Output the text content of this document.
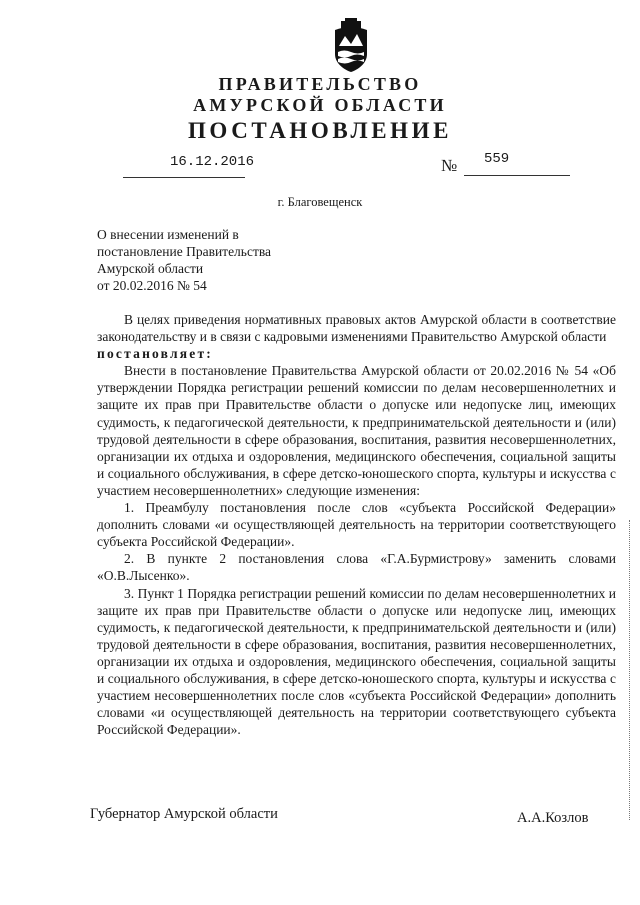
ПРАВИТЕЛЬСТВО
АМУРСКОЙ ОБЛАСТИ
ПОСТАНОВЛЕНИЕ
16.12.2016	№ 559
г. Благовещенск
О внесении изменений в
постановление Правительства
Амурской области
от 20.02.2016 № 54

В целях приведения нормативных правовых актов Амурской области в соответствие законодательству и в связи с кадровыми изменениями Правительство Амурской области

постановляет:

Внести в постановление Правительства Амурской области от 20.02.2016 № 54 «Об утверждении Порядка регистрации решений комиссии по делам несовершеннолетних и защите их прав при Правительстве области о допуске или недопуске лиц, имеющих судимость, к педагогической деятельности, к предпринимательской деятельности и (или) трудовой деятельности в сфере образования, воспитания, развития несовершеннолетних, организации их отдыха и оздоровления, медицинского обеспечения, социальной защиты и социального обслуживания, в сфере детско-юношеского спорта, культуры и искусства с участием несовершеннолетних» следующие изменения:

1. Преамбулу постановления после слов «субъекта Российской Федерации» дополнить словами «и осуществляющей деятельность на территории соответствующего субъекта Российской Федерации».

2. В пункте 2 постановления слова «Г.А.Бурмистрову» заменить словами «О.В.Лысенко».

3. Пункт 1 Порядка регистрации решений комиссии по делам несовершеннолетних и защите их прав при Правительстве области о допуске или недопуске лиц, имеющих судимость, к педагогической деятельности, к предпринимательской деятельности и (или) трудовой деятельности в сфере образования, воспитания, развития несовершеннолетних, организации их отдыха и оздоровления, медицинского обеспечения, социальной защиты и социального обслуживания, в сфере детско-юношеского спорта, культуры и искусства с участием несовершеннолетних после слов «субъекта Российской Федерации» дополнить словами «и осуществляющей деятельность на территории соответствующего субъекта Российской Федерации».

Губернатор Амурской области	А.А.Козлов
